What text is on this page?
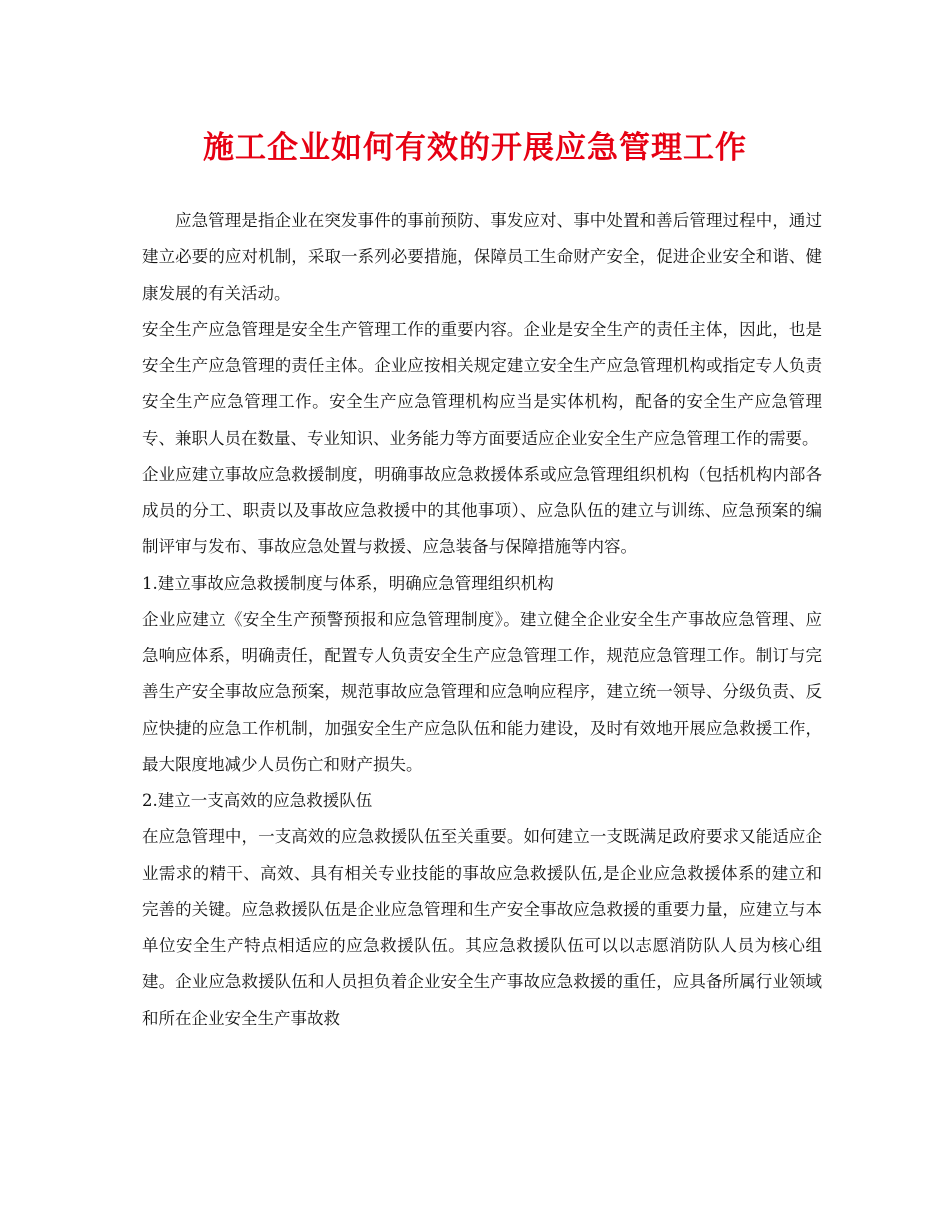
施工企业如何有效的开展应急管理工作

应急管理是指企业在突发事件的事前预防、事发应对、事中处置和善后管理过程中，通过建立必要的应对机制，采取一系列必要措施，保障员工生命财产安全，促进企业安全和谐、健康发展的有关活动。

安全生产应急管理是安全生产管理工作的重要内容。企业是安全生产的责任主体，因此，也是安全生产应急管理的责任主体。企业应按相关规定建立安全生产应急管理机构或指定专人负责安全生产应急管理工作。安全生产应急管理机构应当是实体机构，配备的安全生产应急管理专、兼职人员在数量、专业知识、业务能力等方面要适应企业安全生产应急管理工作的需要。

企业应建立事故应急救援制度，明确事故应急救援体系或应急管理组织机构（包括机构内部各成员的分工、职责以及事故应急救援中的其他事项）、应急队伍的建立与训练、应急预案的编制评审与发布、事故应急处置与救援、应急装备与保障措施等内容。

1.建立事故应急救援制度与体系，明确应急管理组织机构

企业应建立《安全生产预警预报和应急管理制度》。建立健全企业安全生产事故应急管理、应急响应体系，明确责任，配置专人负责安全生产应急管理工作，规范应急管理工作。制订与完善生产安全事故应急预案，规范事故应急管理和应急响应程序，建立统一领导、分级负责、反应快捷的应急工作机制，加强安全生产应急队伍和能力建设，及时有效地开展应急救援工作，最大限度地减少人员伤亡和财产损失。

2.建立一支高效的应急救援队伍

在应急管理中，一支高效的应急救援队伍至关重要。如何建立一支既满足政府要求又能适应企业需求的精干、高效、具有相关专业技能的事故应急救援队伍,是企业应急救援体系的建立和完善的关键。应急救援队伍是企业应急管理和生产安全事故应急救援的重要力量，应建立与本单位安全生产特点相适应的应急救援队伍。其应急救援队伍可以以志愿消防队人员为核心组建。企业应急救援队伍和人员担负着企业安全生产事故应急救援的重任，应具备所属行业领域和所在企业安全生产事故救
